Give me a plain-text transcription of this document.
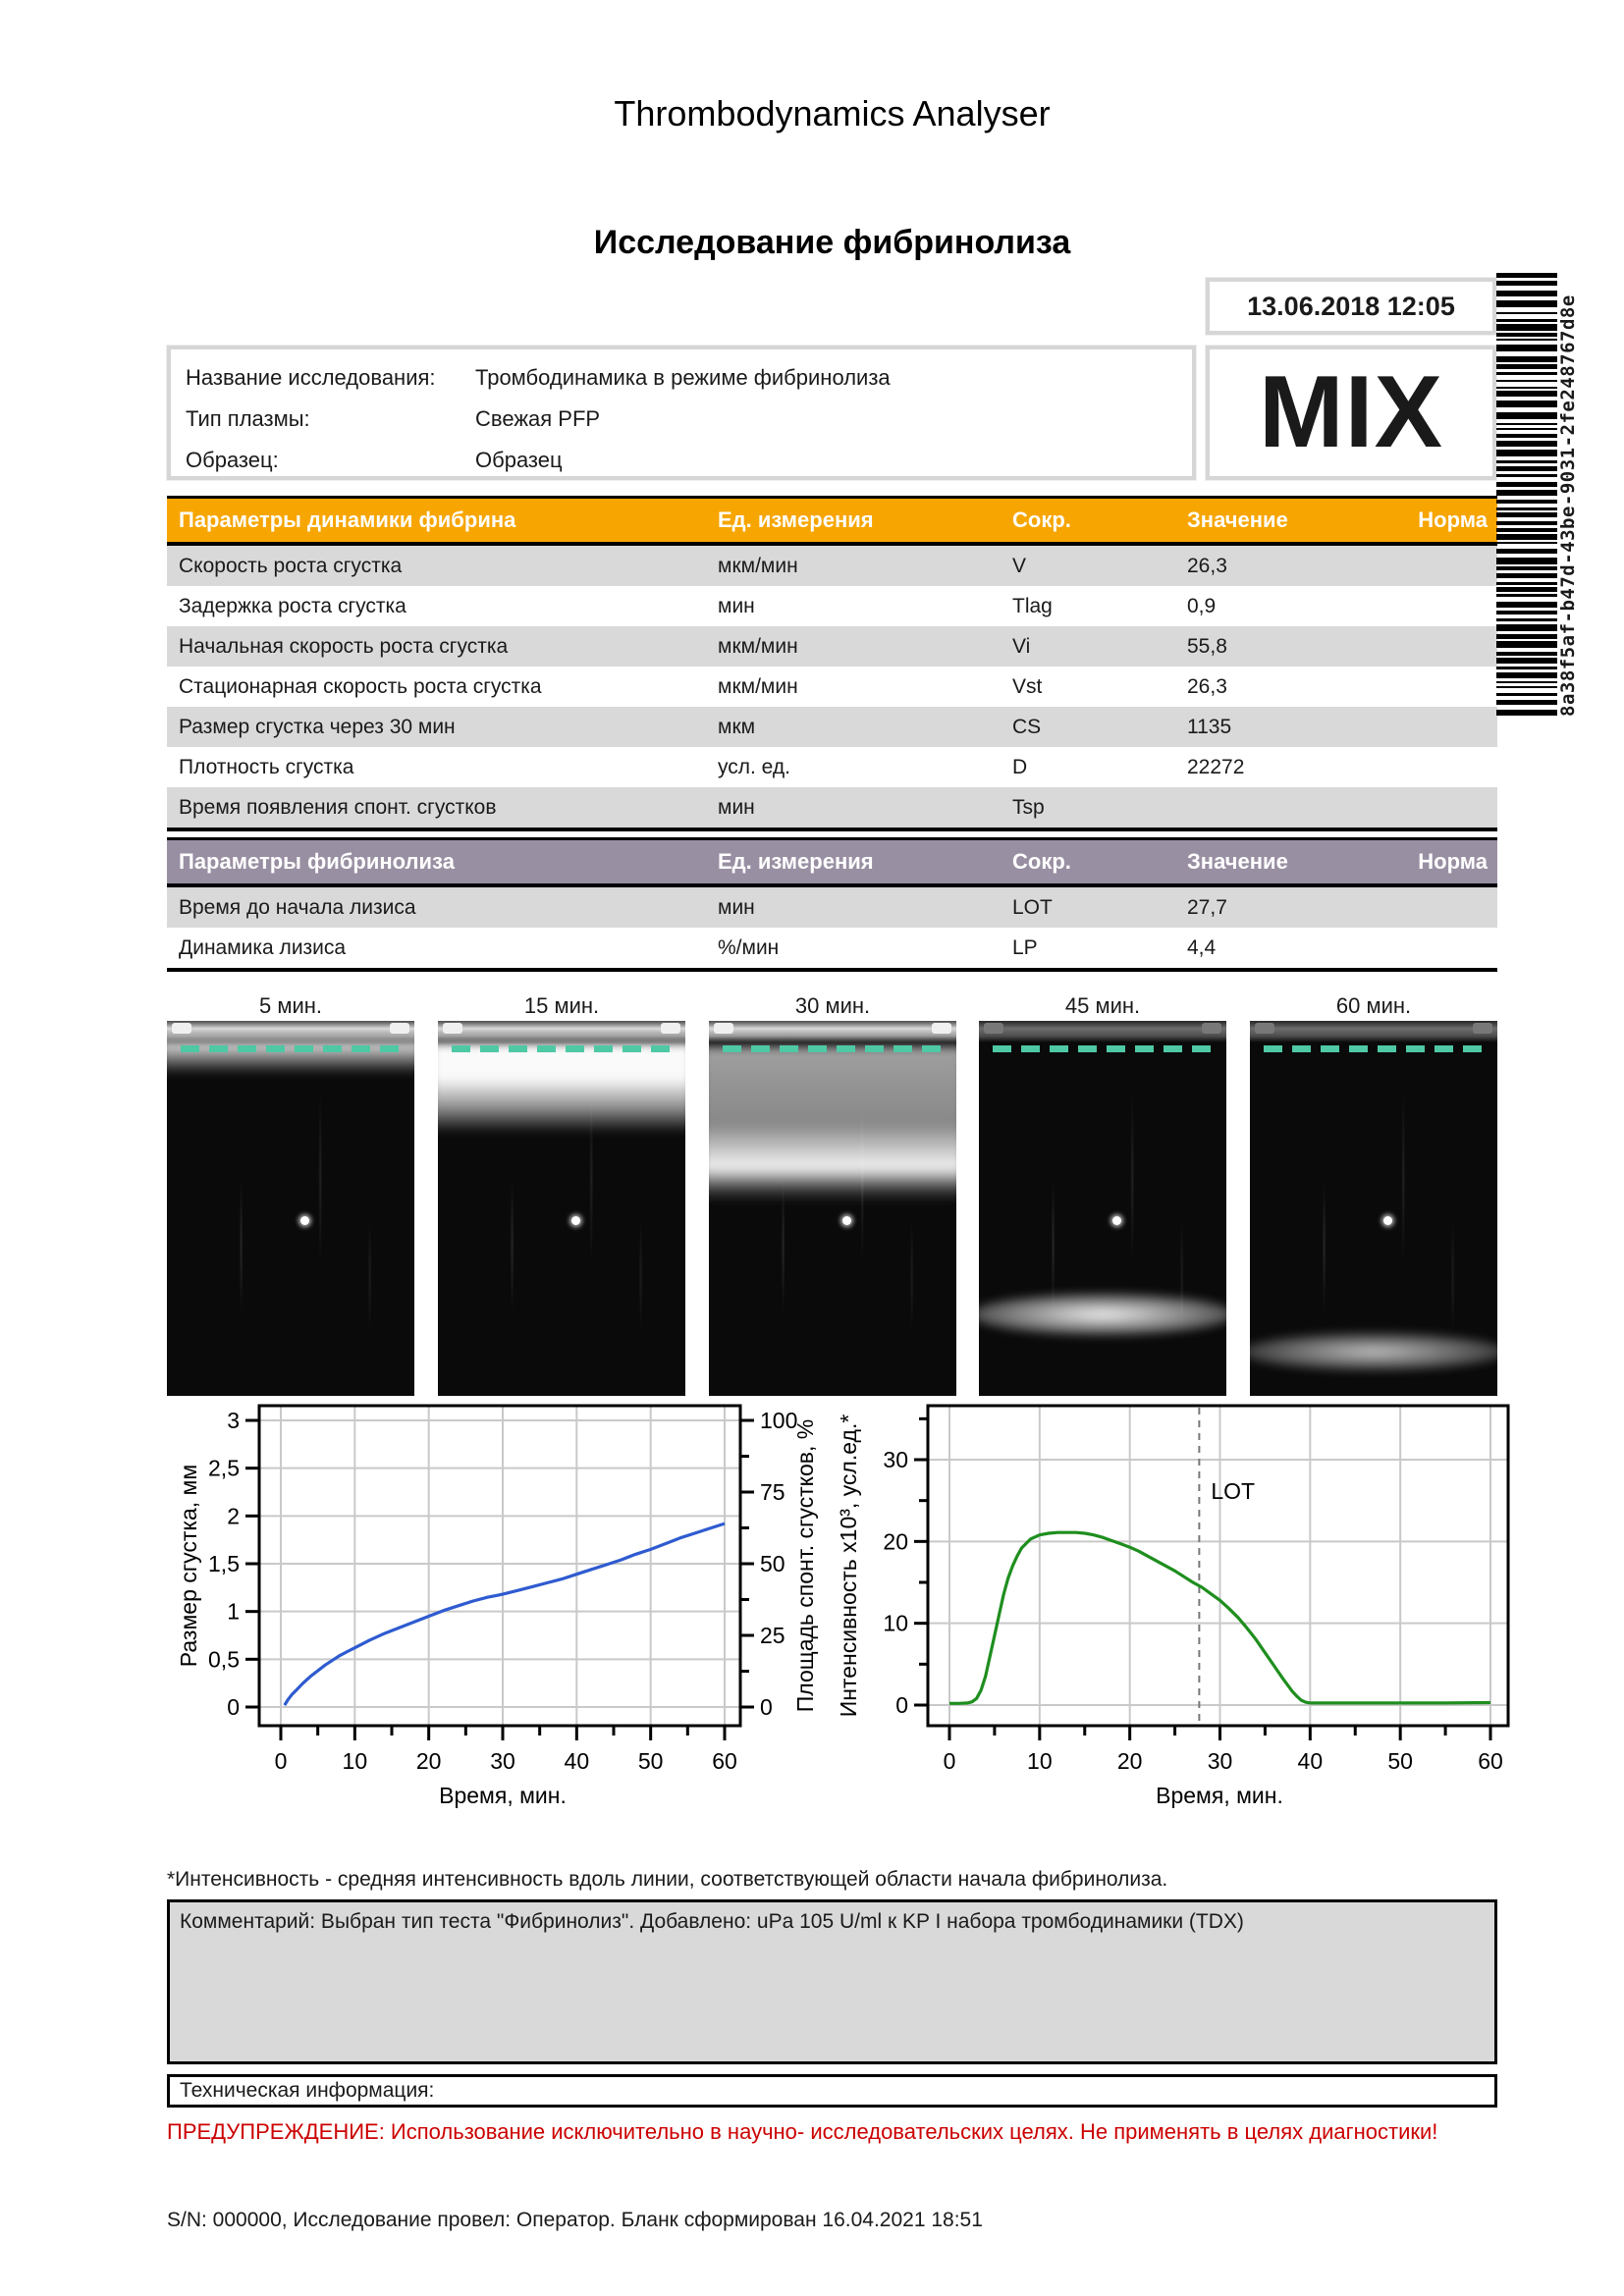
Thrombodynamics Analyser
Исследование фибринолиза
13.06.2018 12:05
Название исследования: Тромбодинамика в режиме фибринолиза
Тип плазмы:	Свежая PFP
Образец:	Образец	MIX
Параметры динамики фибрина	Ед. измерения	Сокр.	Значение	Норма
Скорость роста сгустка	мкм/мин	V	26,3
Задержка роста сгустка	мин	Tlag	0,9
Начальная скорость роста сгустка	мкм/мин	Vi	55,8
Стационарная скорость роста сгустка	мкм/мин	Vst	26,3
Размер сгустка через 30 мин	мкм	CS	1135
Плотность сгустка	усл. ед.	D	22272
Время появления спонт. сгустков	мин	Tsp
Параметры фибринолиза	Ед. измерения	Сокр.	Значение	Норма
Время до начала лизиса	мин	LOT	27,7
Динамика лизиса	%/мин	LP	4,4
5 мин.	15 мин.	30 мин.	45 мин.	60 мин.
0 10 20 30 40 50 60
0
0,5
1
1,5
2
2,5
3
0
25
50
75
100
Время, мин.
Размер сгустка, мм	Площадь спонт. сгустков, %	LOT
0	10	20	30	40	50	60
0
10
20
30
Время, мин.
Интенсивность x10³, усл.ед.*
*Интенсивность - средняя интенсивность вдоль линии, соответствующей области начала фибринолиза.
Комментарий: Выбран тип теста "Фибринолиз". Добавлено: uPa 105 U/ml к KP I набора тромбодинамики (TDX)
Техническая информация:
ПРЕДУПРЕЖДЕНИЕ: Использование исключительно в научно- исследовательских целях. Не применять в целях диагностики!
S/N: 000000, Исследование провел: Оператор. Бланк сформирован 16.04.2021 18:51
8a38f5af-b47d-43be-9031-2fe248767d8e
